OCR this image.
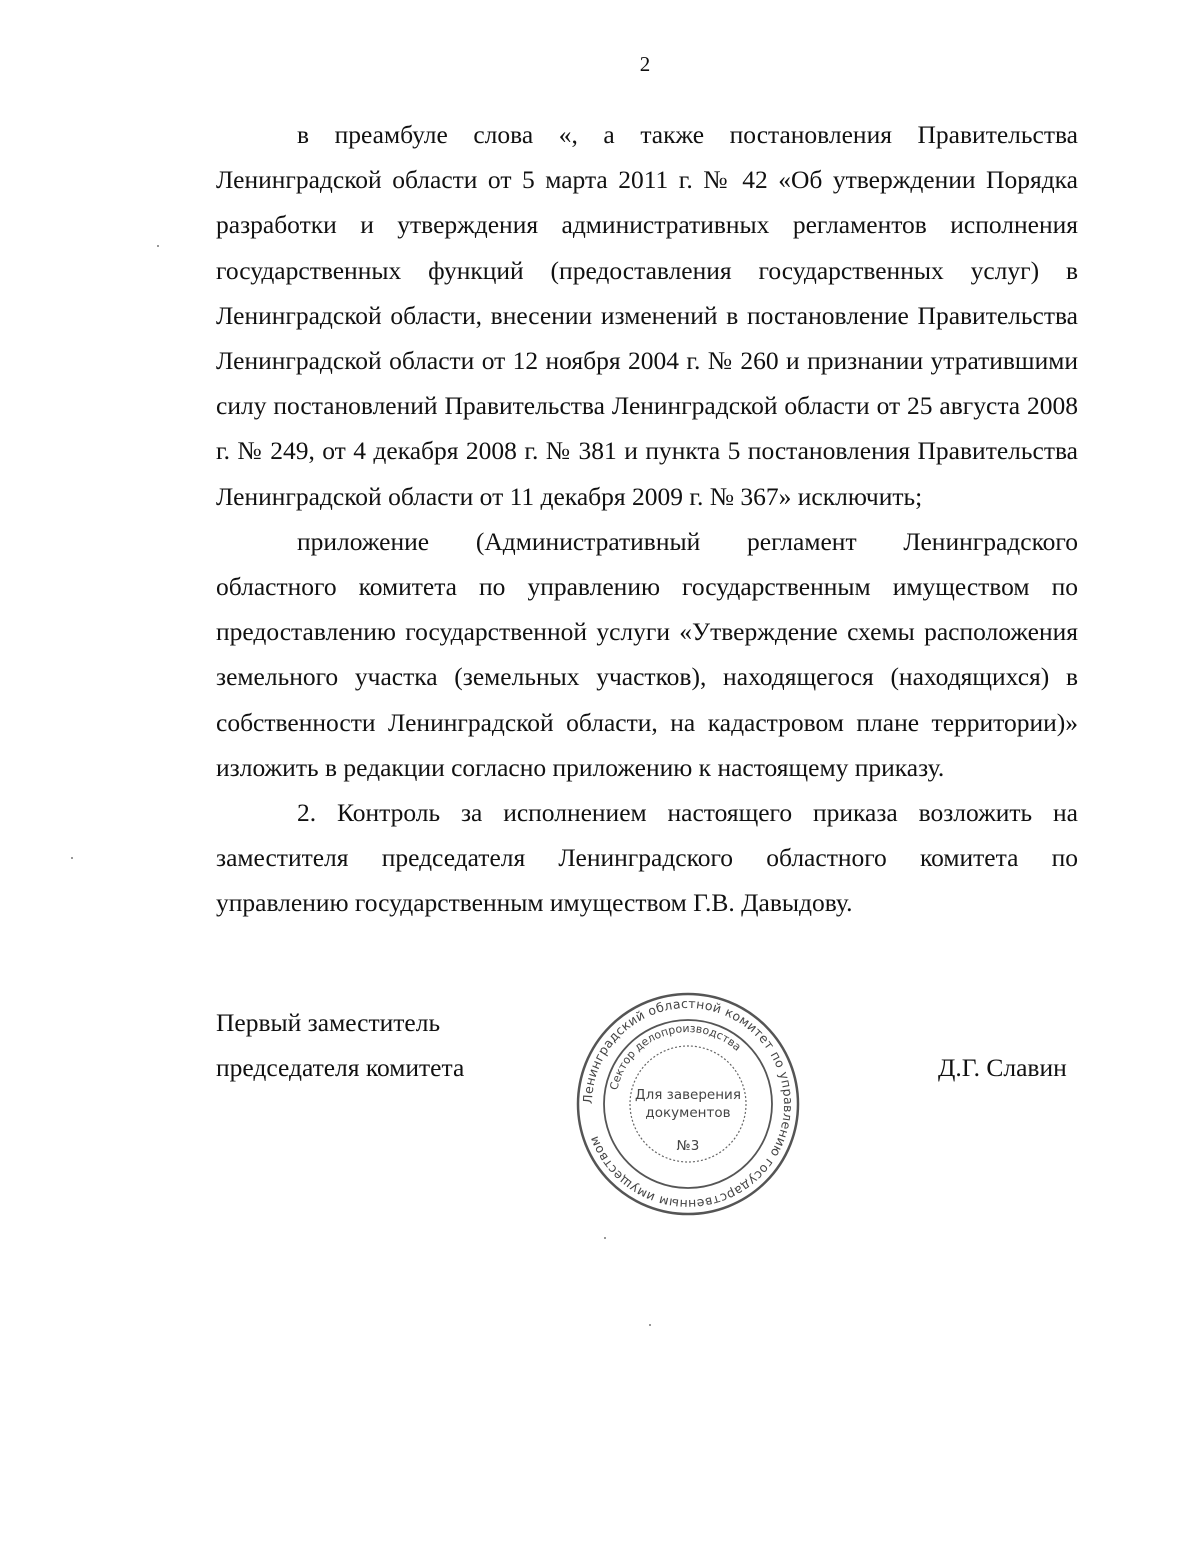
2

в преамбуле слова «, а также постановления Правительства Ленинградской области от 5 марта 2011 г. № 42 «Об утверждении Порядка разработки и утверждения административных регламентов исполнения государственных функций (предоставления государственных услуг) в Ленинградской области, внесении изменений в постановление Правительства Ленинградской области от 12 ноября 2004 г. № 260 и признании утратившими силу постановлений Правительства Ленинградской области от 25 августа 2008 г. № 249, от 4 декабря 2008 г. № 381 и пункта 5 постановления Правительства Ленинградской области от 11 декабря 2009 г. № 367» исключить;

приложение (Административный регламент Ленинградского областного комитета по управлению государственным имуществом по предоставлению государственной услуги «Утверждение схемы расположения земельного участка (земельных участков), находящегося (находящихся) в собственности Ленинградской области, на кадастровом плане территории)» изложить в редакции согласно приложению к настоящему приказу.

2. Контроль за исполнением настоящего приказа возложить на заместителя председателя Ленинградского областного комитета по управлению государственным имуществом Г.В. Давыдову.

Первый заместитель
председателя комитета	Д.Г. Славин
Ленинградский областной комитет по управлению государственным имуществом
Сектор делопроизводства
Для заверения
документов
№3
